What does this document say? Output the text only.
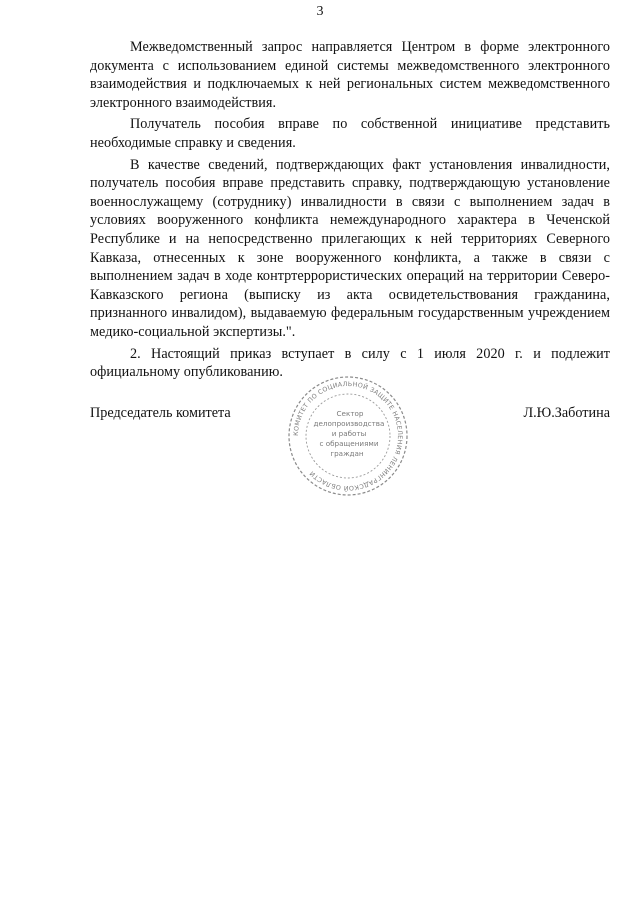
3

Межведомственный запрос направляется Центром в форме электронного документа с использованием единой системы межведомственного электронного взаимодействия и подключаемых к ней региональных систем межведомственного электронного взаимодействия.

Получатель пособия вправе по собственной инициативе представить необходимые справку и сведения.

В качестве сведений, подтверждающих факт установления инвалидности, получатель пособия вправе представить справку, подтверждающую установление военнослужащему (сотруднику) инвалидности в связи с выполнением задач в условиях вооруженного конфликта немеждународного характера в Чеченской Республике и на непосредственно прилегающих к ней территориях Северного Кавказа, отнесенных к зоне вооруженного конфликта, а также в связи с выполнением задач в ходе контртеррористических операций на территории Северо-Кавказского региона (выписку из акта освидетельствования гражданина, признанного инвалидом), выдаваемую федеральным государственным учреждением медико-социальной экспертизы.".

2. Настоящий приказ вступает в силу с 1 июля 2020 г. и подлежит официальному опубликованию.

Председатель комитета
КОМИТЕТ ПО СОЦИАЛЬНОЙ ЗАЩИТЕ НАСЕЛЕНИЯ ЛЕНИНГРАДСКОЙ ОБЛАСТИ
Сектор
делопроизводства
и работы
с обращениями
граждан
Л.Ю.Заботина
